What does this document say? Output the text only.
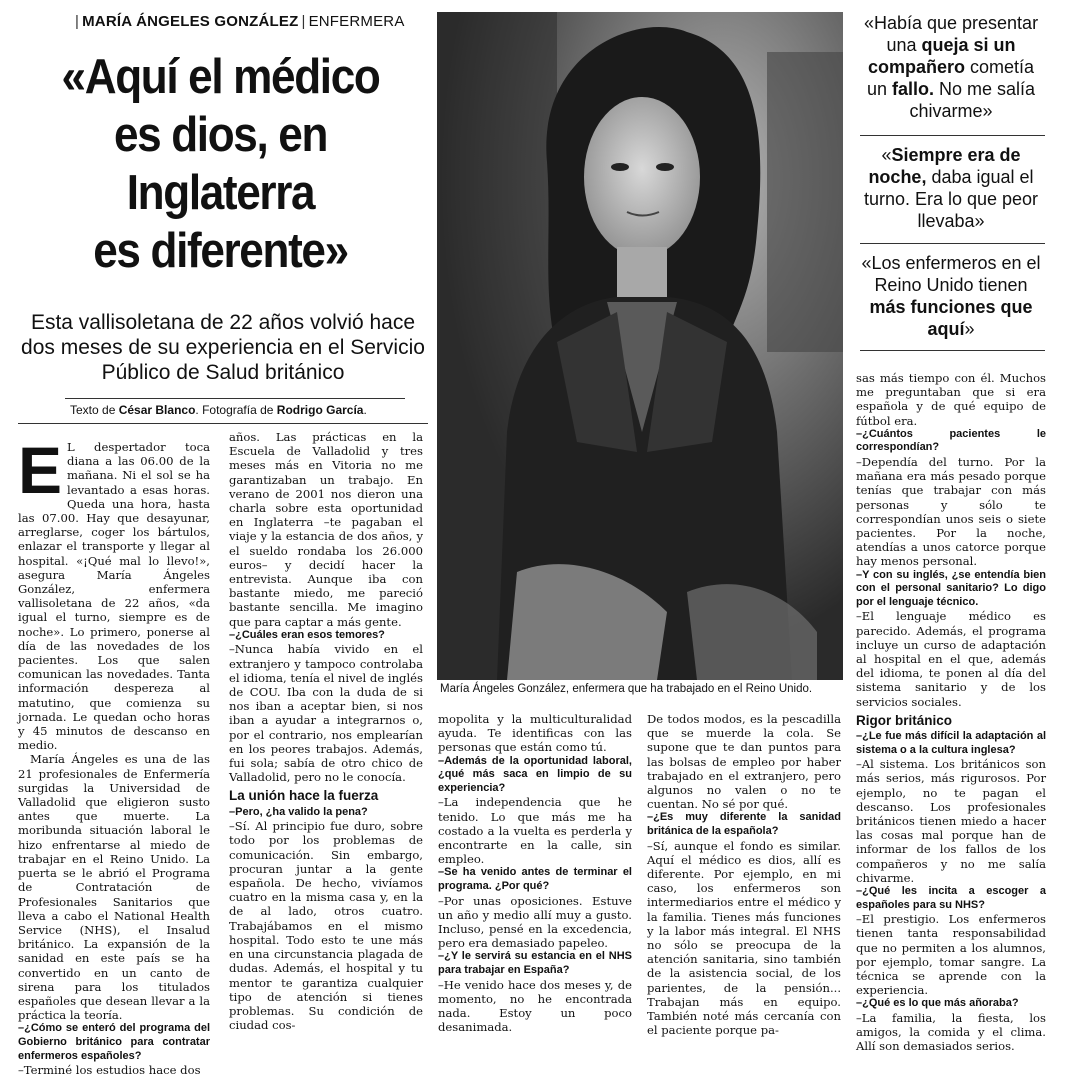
| MARÍA ÁNGELES GONZÁLEZ | ENFERMERA
«Aquí el médico
es dios, en
Inglaterra
es diferente»
Esta vallisoletana de 22 años volvió hace dos meses de su experiencia en el Servicio Público de Salud británico
Texto de César Blanco. Fotografía de Rodrigo García.
María Ángeles González, enfermera que ha trabajado en el Reino Unido.
«Había que presentar una queja si un compañero cometía un fallo. No me salía chivarme»
«Siempre era de noche, daba igual el turno. Era lo que peor llevaba»
«Los enfermeros en el Reino Unido tienen más funciones que aquí»
E L despertador toca diana a las 06.00 de la mañana. Ni el sol se ha levantado a esas horas. Queda una hora, hasta las 07.00. Hay que desayunar, arreglarse, coger los bártulos, enlazar el transporte y llegar al hospital. «¡Qué mal lo llevo!», asegura María Ángeles González, enfermera vallisoletana de 22 años, «da igual el turno, siempre es de noche». Lo primero, ponerse al día de las novedades de los pacientes. Los que salen comunican las novedades. Tanta información despereza al matutino, que comienza su jornada. Le quedan ocho horas y 45 minutos de descanso en medio.

María Ángeles es una de las 21 profesionales de Enfermería surgidas la Universidad de Valladolid que eligieron susto antes que muerte. La moribunda situación laboral le hizo enfrentarse al miedo de trabajar en el Reino Unido. La puerta se le abrió el Programa de Contratación de Profesionales Sanitarios que lleva a cabo el National Health Service (NHS), el Insalud británico. La expansión de la sanidad en este país se ha convertido en un canto de sirena para los titulados españoles que desean llevar a la práctica la teoría.

–¿Cómo se enteró del programa del Gobierno británico para contratar enfermeros españoles?

–Terminé los estudios hace dos

años. Las prácticas en la Escuela de Valladolid y tres meses más en Vitoria no me garantizaban un trabajo. En verano de 2001 nos dieron una charla sobre esta oportunidad en Inglaterra –te pagaban el viaje y la estancia de dos años, y el sueldo rondaba los 26.000 euros– y decidí hacer la entrevista. Aunque iba con bastante miedo, me pareció bastante sencilla. Me imagino que para captar a más gente.

–¿Cuáles eran esos temores?

–Nunca había vivido en el extranjero y tampoco controlaba el idioma, tenía el nivel de inglés de COU. Iba con la duda de si nos iban a aceptar bien, si nos iban a ayudar a integrarnos o, por el contrario, nos emplearían en los peores trabajos. Además, fui sola; sabía de otro chico de Valladolid, pero no le conocía.

La unión hace la fuerza

–Pero, ¿ha valido la pena?

–Sí. Al principio fue duro, sobre todo por los problemas de comunicación. Sin embargo, procuran juntar a la gente española. De hecho, vivíamos cuatro en la misma casa y, en la de al lado, otros cuatro. Trabajábamos en el mismo hospital. Todo esto te une más en una circunstancia plagada de dudas. Además, el hospital y tu mentor te garantiza cualquier tipo de atención si tienes problemas. Su condición de ciudad cos-

mopolita y la multiculturalidad ayuda. Te identificas con las personas que están como tú.

–Además de la oportunidad laboral, ¿qué más saca en limpio de su experiencia?

–La independencia que he tenido. Lo que más me ha costado a la vuelta es perderla y encontrarte en la calle, sin empleo.

–Se ha venido antes de terminar el programa. ¿Por qué?

–Por unas oposiciones. Estuve un año y medio allí muy a gusto. Incluso, pensé en la excedencia, pero era demasiado papeleo.

–¿Y le servirá su estancia en el NHS para trabajar en España?

–He venido hace dos meses y, de momento, no he encontrada nada. Estoy un poco desanimada.

De todos modos, es la pescadilla que se muerde la cola. Se supone que te dan puntos para las bolsas de empleo por haber trabajado en el extranjero, pero algunos no valen o no te cuentan. No sé por qué.

–¿Es muy diferente la sanidad británica de la española?

–Sí, aunque el fondo es similar. Aquí el médico es dios, allí es diferente. Por ejemplo, en mi caso, los enfermeros son intermediarios entre el médico y la familia. Tienes más funciones y la labor más integral. El NHS no sólo se preocupa de la atención sanitaria, sino también de la asistencia social, de los parientes, de la pensión... Trabajan más en equipo. También noté más cercanía con el paciente porque pa-

sas más tiempo con él. Muchos me preguntaban que si era española y de qué equipo de fútbol era.

–¿Cuántos pacientes le correspondían?

–Dependía del turno. Por la mañana era más pesado porque tenías que trabajar con más personas y sólo te correspondían unos seis o siete pacientes. Por la noche, atendías a unos catorce porque hay menos personal.

–Y con su inglés, ¿se entendía bien con el personal sanitario? Lo digo por el lenguaje técnico.

–El lenguaje médico es parecido. Además, el programa incluye un curso de adaptación al hospital en el que, además del idioma, te ponen al día del sistema sanitario y de los servicios sociales.

Rigor británico

–¿Le fue más difícil la adaptación al sistema o a la cultura inglesa?

–Al sistema. Los británicos son más serios, más rigurosos. Por ejemplo, no te pagan el descanso. Los profesionales británicos tienen miedo a hacer las cosas mal porque han de informar de los fallos de los compañeros y no me salía chivarme.

–¿Qué les incita a escoger a españoles para su NHS?

–El prestigio. Los enfermeros tienen tanta responsabilidad que no permiten a los alumnos, por ejemplo, tomar sangre. La técnica se aprende con la experiencia.

–¿Qué es lo que más añoraba?

–La familia, la fiesta, los amigos, la comida y el clima. Allí son demasiados serios.
